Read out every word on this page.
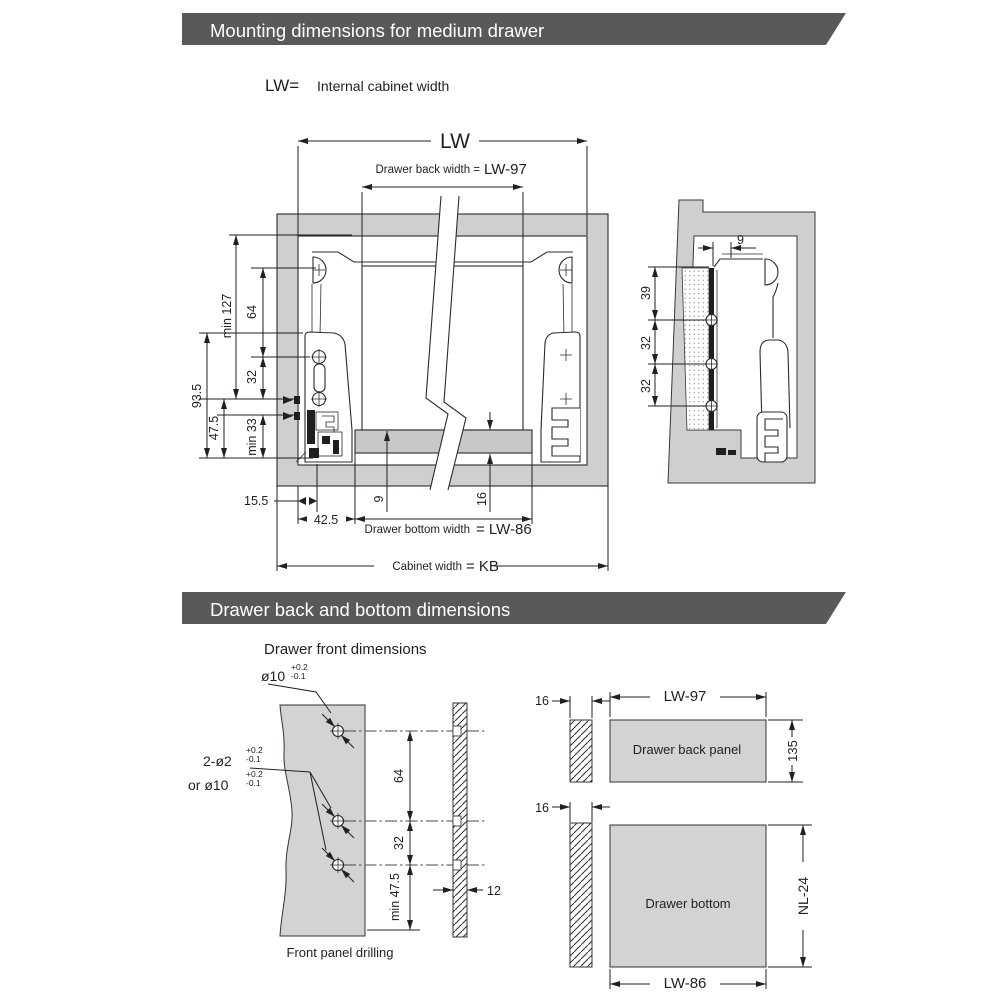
Mounting dimensions for medium drawer
LW= Internal cabinet width
LW
Drawer back width = LW-97
min 127 64
32
93.5
47.5 min 33
15.5
42.5
Drawer bottom width = LW-86
Cabinet width = KB
9	16
9
39
32
32
Drawer back and bottom dimensions
Drawer front dimensions
ø10
+0.2
-0.1
2-ø2
+0.2
-0.1
or ø10
+0.2
-0.1
64
32
min 47.5	12
Front panel drilling
16	LW-97
Drawer back panel	135
16
Drawer bottom	NL-24
LW-86
